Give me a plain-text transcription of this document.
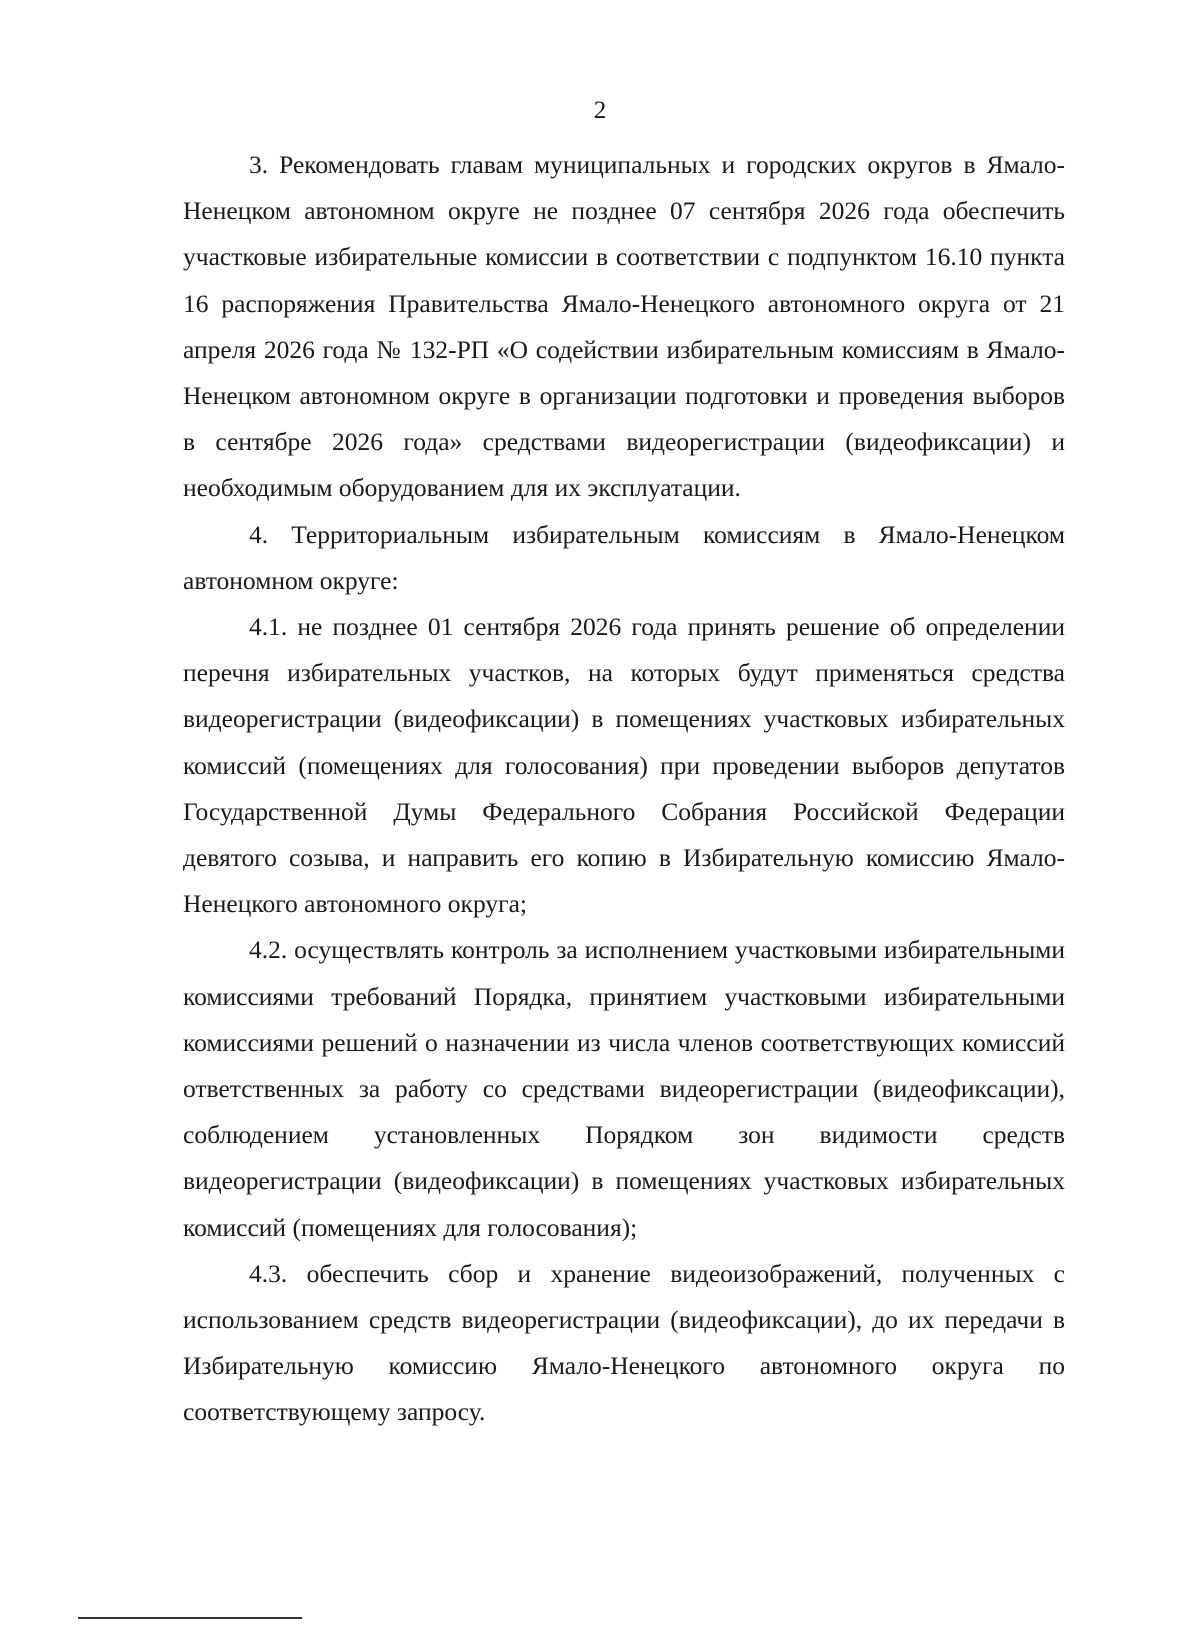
2

3. Рекомендовать главам муниципальных и городских округов в Ямало-Ненецком автономном округе не позднее 07 сентября 2026 года обеспечить участковые избирательные комиссии в соответствии с подпунктом 16.10 пункта 16 распоряжения Правительства Ямало-Ненецкого автономного округа от 21 апреля 2026 года № 132-РП «О содействии избирательным комиссиям в Ямало-Ненецком автономном округе в организации подготовки и проведения выборов в сентябре 2026 года» средствами видеорегистрации (видеофиксации) и необходимым оборудованием для их эксплуатации.

4. Территориальным избирательным комиссиям в Ямало-Ненецком автономном округе:

4.1. не позднее 01 сентября 2026 года принять решение об определении перечня избирательных участков, на которых будут применяться средства видеорегистрации (видеофиксации) в помещениях участковых избирательных комиссий (помещениях для голосования) при проведении выборов депутатов Государственной Думы Федерального Собрания Российской Федерации девятого созыва, и направить его копию в Избирательную комиссию Ямало-Ненецкого автономного округа;

4.2. осуществлять контроль за исполнением участковыми избирательными комиссиями требований Порядка, принятием участковыми избирательными комиссиями решений о назначении из числа членов соответствующих комиссий ответственных за работу со средствами видеорегистрации (видеофиксации), соблюдением установленных Порядком зон видимости средств видеорегистрации (видеофиксации) в помещениях участковых избирательных комиссий (помещениях для голосования);

4.3. обеспечить сбор и хранение видеоизображений, полученных с использованием средств видеорегистрации (видеофиксации), до их передачи в Избирательную комиссию Ямало-Ненецкого автономного округа по соответствующему запросу.
